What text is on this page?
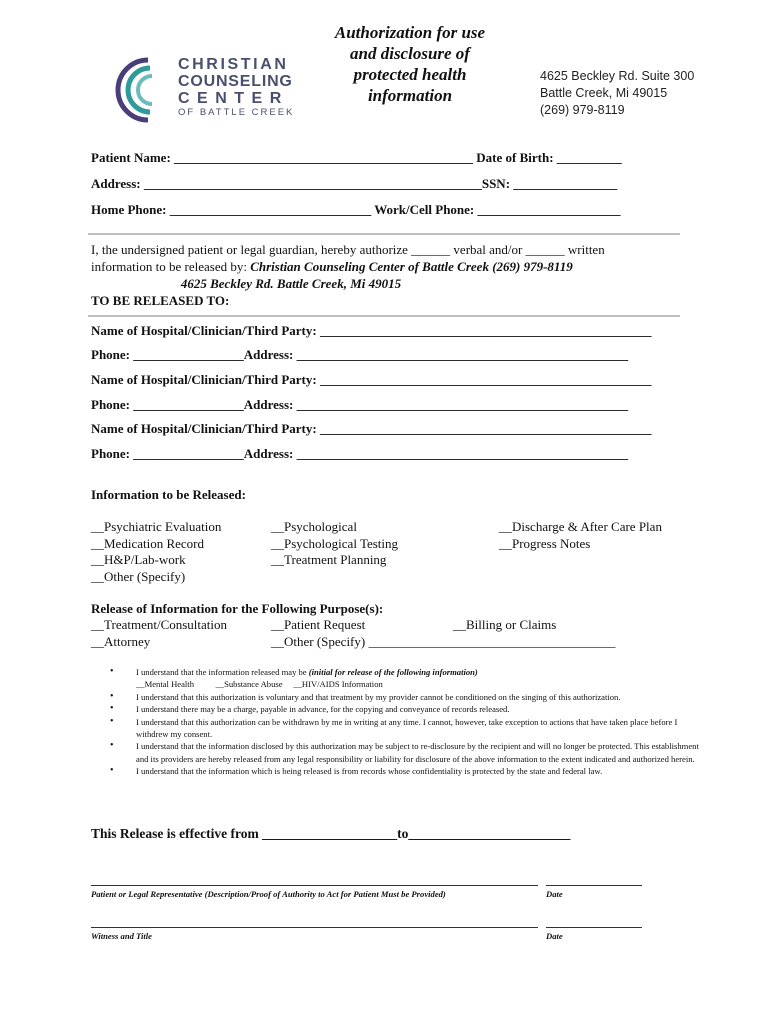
CHRISTIAN
COUNSELING
CENTER
OF BATTLE CREEK
Authorization for use
and disclosure of
protected health
information
4625 Beckley Rd. Suite 300
Battle Creek, Mi 49015
(269) 979-8119
Patient Name: ______________________________________________ Date of Birth: __________
Address: ____________________________________________________SSN: ________________
Home Phone: _______________________________ Work/Cell Phone: ______________________
I, the undersigned patient or legal guardian, hereby authorize ______ verbal and/or ______ written
information to be released by: Christian Counseling Center of Battle Creek (269) 979-8119
4625 Beckley Rd. Battle Creek, Mi 49015
TO BE RELEASED TO:
Name of Hospital/Clinician/Third Party: ___________________________________________________
Phone: _________________Address: ___________________________________________________
Name of Hospital/Clinician/Third Party: ___________________________________________________
Phone: _________________Address: ___________________________________________________
Name of Hospital/Clinician/Third Party: ___________________________________________________
Phone: _________________Address: ___________________________________________________
Information to be Released:
__Psychiatric Evaluation
__Medication Record
__H&P/Lab-work
__Other (Specify)
__Psychological
__Psychological Testing
__Treatment Planning
__Discharge & After Care Plan
__Progress Notes
Release of Information for the Following Purpose(s):
__Treatment/Consultation
__Attorney
__Patient Request
__Other (Specify) ______________________________________
__Billing or Claims
• I understand that the information released may be (initial for release of the following information)
__Mental Health          __Substance Abuse     __HIV/AIDS Information
• I understand that this authorization is voluntary and that treatment by my provider cannot be conditioned on the singing of this authorization.
• I understand there may be a charge, payable in advance, for the copying and conveyance of records released.
• I understand that this authorization can be withdrawn by me in writing at any time. I cannot, however, take exception to actions that have taken place before I withdrew my consent.
• I understand that the information disclosed by this authorization may be subject to re-disclosure by the recipient and will no longer be protected. This establishment and its providers are hereby released from any legal responsibility or liability for disclosure of the above information to the extent indicated and authorized herein.
• I understand that the information which is being released is from records whose confidentiality is protected by the state and federal law.
This Release is effective from ____________________to________________________
Patient or Legal Representative (Description/Proof of Authority to Act for Patient Must be Provided)	Date
Witness and Title	Date
